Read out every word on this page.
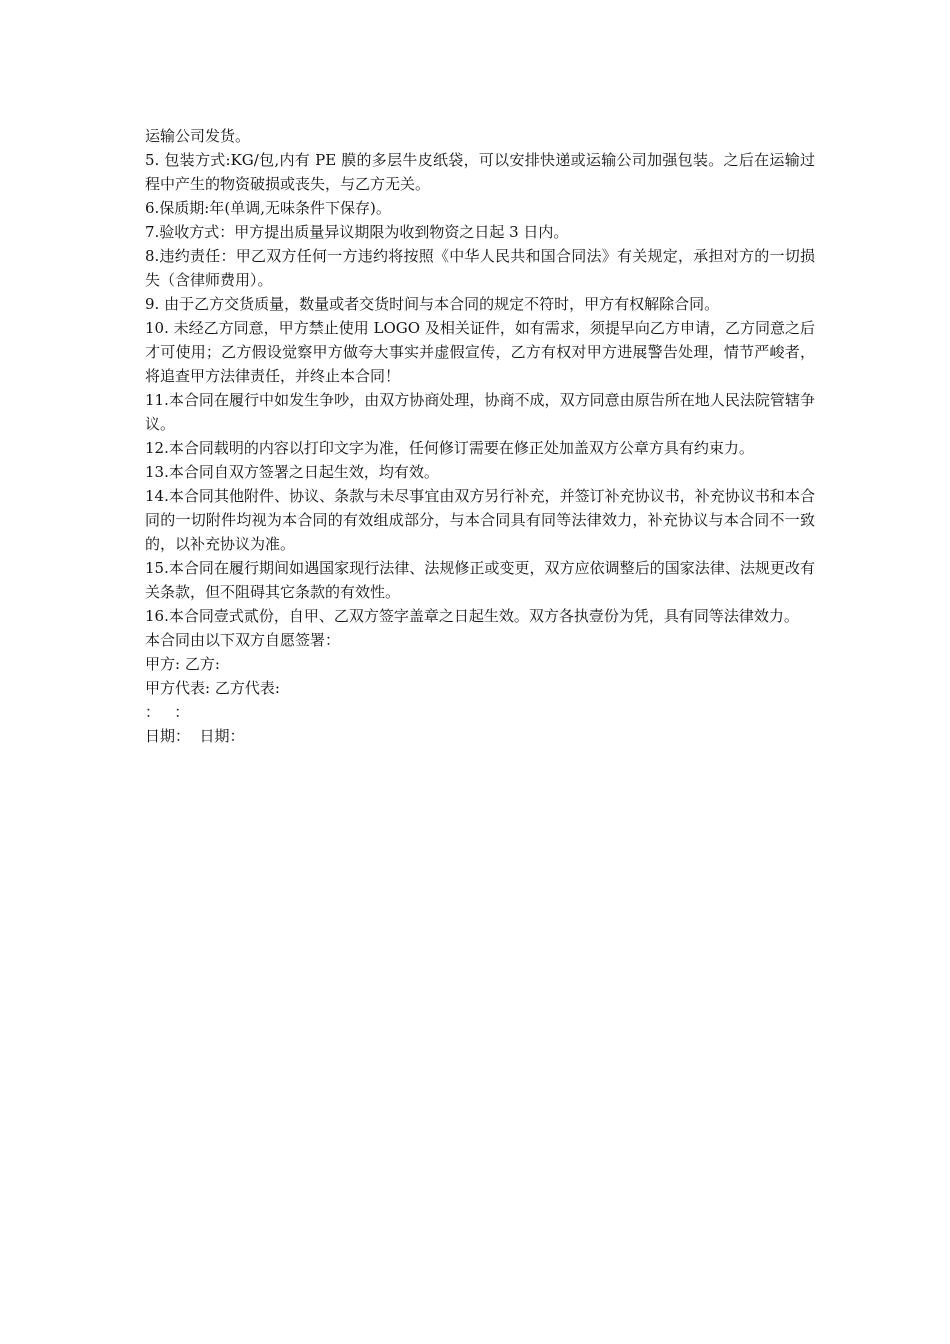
运输公司发货。

5. 包装方式:KG/包,内有 PE 膜的多层牛皮纸袋，可以安排快递或运输公司加强包装。之后在运输过程中产生的物资破损或丧失，与乙方无关。

6.保质期:年(单调,无味条件下保存)。

7.验收方式：甲方提出质量异议期限为收到物资之日起 3 日内。

8.违约责任：甲乙双方任何一方违约将按照《中华人民共和国合同法》有关规定，承担对方的一切损失（含律师费用）。

9. 由于乙方交货质量，数量或者交货时间与本合同的规定不符时，甲方有权解除合同。

10. 未经乙方同意，甲方禁止使用 LOGO 及相关证件，如有需求，须提早向乙方申请，乙方同意之后才可使用；乙方假设觉察甲方做夸大事实并虚假宣传，乙方有权对甲方进展警告处理，情节严峻者，将追查甲方法律责任，并终止本合同！

11.本合同在履行中如发生争吵，由双方协商处理，协商不成，双方同意由原告所在地人民法院管辖争议。

12.本合同载明的内容以打印文字为准，任何修订需要在修正处加盖双方公章方具有约束力。

13.本合同自双方签署之日起生效，均有效。

14.本合同其他附件、协议、条款与未尽事宜由双方另行补充，并签订补充协议书，补充协议书和本合同的一切附件均视为本合同的有效组成部分，与本合同具有同等法律效力，补充协议与本合同不一致的，以补充协议为准。

15.本合同在履行期间如遇国家现行法律、法规修正或变更，双方应依调整后的国家法律、法规更改有关条款，但不阻碍其它条款的有效性。

16.本合同壹式贰份，自甲、乙双方签字盖章之日起生效。双方各执壹份为凭，具有同等法律效力。

本合同由以下双方自愿签署：

甲方: 乙方:

甲方代表: 乙方代表:

：   ：

日期：  日期：
